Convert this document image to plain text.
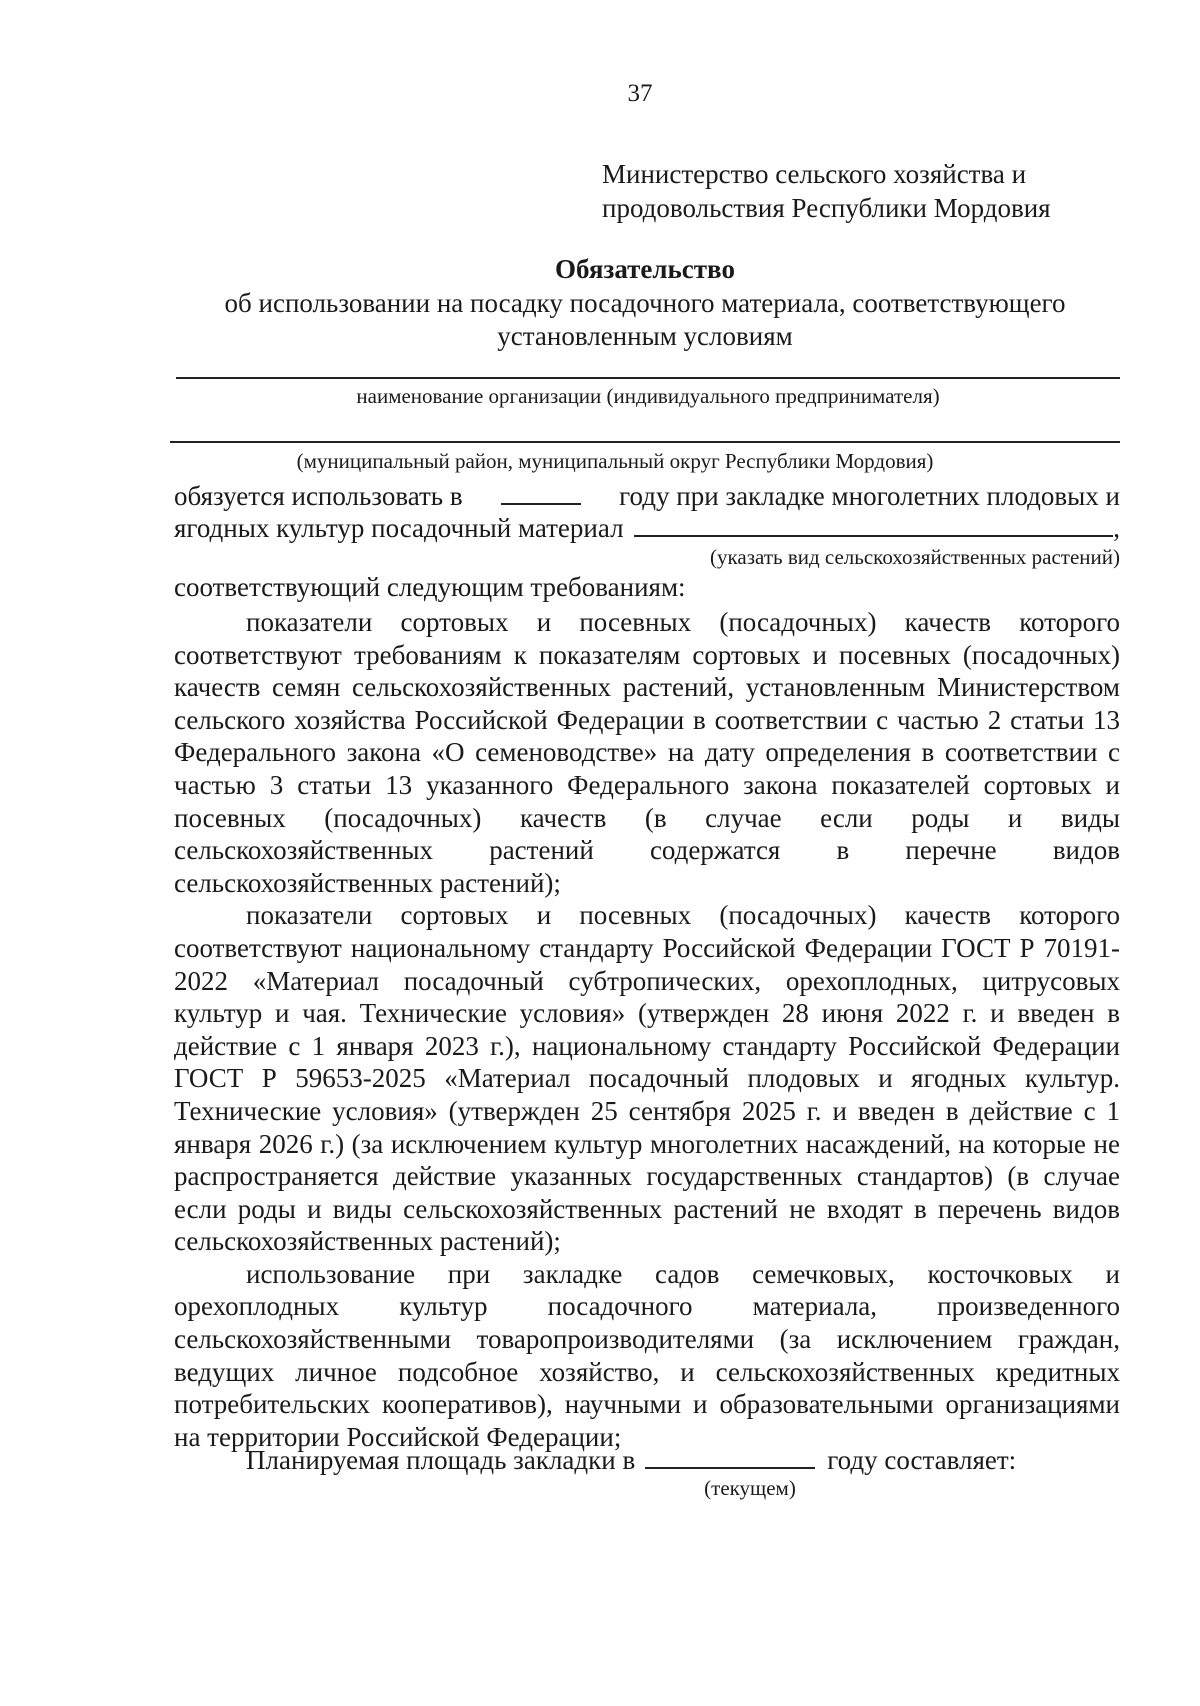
37
Министерство сельского хозяйства и
продовольствия Республики Мордовия
Обязательство
об использовании на посадку посадочного материала, соответствующего
установленным условиям
наименование организации (индивидуального предпринимателя)
(муниципальный район, муниципальный округ Республики Мордовия)
обязуется использовать в	году при закладке многолетних плодовых и
ягодных культур посадочный материал	,
(указать вид сельскохозяйственных растений)
соответствующий следующим требованиям:

показатели сортовых и посевных (посадочных) качеств которого соответствуют требованиям к показателям сортовых и посевных (посадочных) качеств семян сельскохозяйственных растений, установленным Министерством сельского хозяйства Российской Федерации в соответствии с частью 2 статьи 13 Федерального закона «О семеноводстве» на дату определения в соответствии с частью 3 статьи 13 указанного Федерального закона показателей сортовых и посевных (посадочных) качеств (в случае если роды и виды сельскохозяйственных растений содержатся в перечне видов сельскохозяйственных растений);

показатели сортовых и посевных (посадочных) качеств которого соответствуют национальному стандарту Российской Федерации ГОСТ Р 70191-2022 «Материал посадочный субтропических, орехоплодных, цитрусовых культур и чая. Технические условия» (утвержден 28 июня 2022 г. и введен в действие с 1 января 2023 г.), национальному стандарту Российской Федерации ГОСТ Р 59653-2025 «Материал посадочный плодовых и ягодных культур. Технические условия» (утвержден 25 сентября 2025 г. и введен в действие с 1 января 2026 г.) (за исключением культур многолетних насаждений, на которые не распространяется действие указанных государственных стандартов) (в случае если роды и виды сельскохозяйственных растений не входят в перечень видов сельскохозяйственных растений);

использование при закладке садов семечковых, косточковых и орехоплодных культур посадочного материала, произведенного сельскохозяйственными товаропроизводителями (за исключением граждан, ведущих личное подсобное хозяйство, и сельскохозяйственных кредитных потребительских кооперативов), научными и образовательными организациями на территории Российской Федерации;

Планируемая площадь закладки в	году составляет:
(текущем)
